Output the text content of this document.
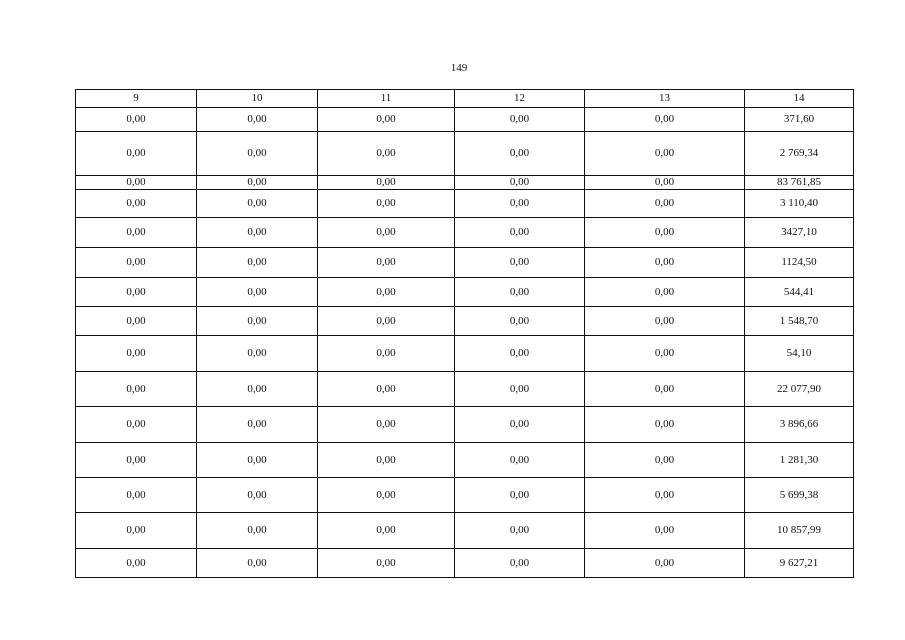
149
9	10	11	12	13	14
0,00	0,00	0,00	0,00	0,00	371,60
0,00	0,00	0,00	0,00	0,00	2 769,34
0,00	0,00	0,00	0,00	0,00	83 761,85
0,00	0,00	0,00	0,00	0,00	3 110,40
0,00	0,00	0,00	0,00	0,00	3427,10
0,00	0,00	0,00	0,00	0,00	1124,50
0,00	0,00	0,00	0,00	0,00	544,41
0,00	0,00	0,00	0,00	0,00	1 548,70
0,00	0,00	0,00	0,00	0,00	54,10
0,00	0,00	0,00	0,00	0,00	22 077,90
0,00	0,00	0,00	0,00	0,00	3 896,66
0,00	0,00	0,00	0,00	0,00	1 281,30
0,00	0,00	0,00	0,00	0,00	5 699,38
0,00	0,00	0,00	0,00	0,00	10 857,99
0,00	0,00	0,00	0,00	0,00	9 627,21
